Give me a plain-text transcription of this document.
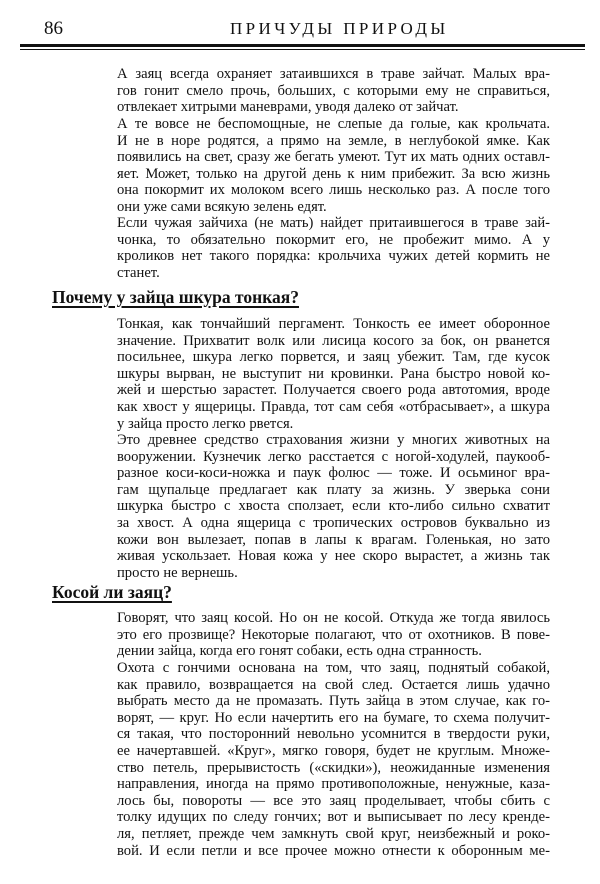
86	ПРИЧУДЫ ПРИРОДЫ
А заяц всегда охраняет затаившихся в траве зайчат. Малых вра-
гов гонит смело прочь, больших, с которыми ему не справиться,
отвлекает хитрыми маневрами, уводя далеко от зайчат.
А те вовсе не беспомощные, не слепые да голые, как крольчата.
И не в норе родятся, а прямо на земле, в неглубокой ямке. Как
появились на свет, сразу же бегать умеют. Тут их мать одних оставл-
яет. Может, только на другой день к ним прибежит. За всю жизнь
она покормит их молоком всего лишь несколько раз. А после того
они уже сами всякую зелень едят.
Если чужая зайчиха (не мать) найдет притаившегося в траве зай-
чонка, то обязательно покормит его, не пробежит мимо. А у
кроликов нет такого порядка: крольчиха чужих детей кормить не
станет.
Почему у зайца шкура тонкая?
Тонкая, как тончайший пергамент. Тонкость ее имеет оборонное
значение. Прихватит волк или лисица косого за бок, он рванется
посильнее, шкура легко порвется, и заяц убежит. Там, где кусок
шкуры вырван, не выступит ни кровинки. Рана быстро новой ко-
жей и шерстью зарастет. Получается своего рода автотомия, вроде
как хвост у ящерицы. Правда, тот сам себя «отбрасывает», а шкура
у зайца просто легко рвется.
Это древнее средство страхования жизни у многих животных на
вооружении. Кузнечик легко расстается с ногой-ходулей, паукооб-
разное коси-коси-ножка и паук фолюс — тоже. И осьминог вра-
гам щупальце предлагает как плату за жизнь. У зверька сони
шкурка быстро с хвоста сползает, если кто-либо сильно схватит
за хвост. А одна ящерица с тропических островов буквально из
кожи вон вылезает, попав в лапы к врагам. Голенькая, но зато
живая ускользает. Новая кожа у нее скоро вырастет, а жизнь так
просто не вернешь.
Косой ли заяц?
Говорят, что заяц косой. Но он не косой. Откуда же тогда явилось
это его прозвище? Некоторые полагают, что от охотников. В пове-
дении зайца, когда его гонят собаки, есть одна странность.
Охота с гончими основана на том, что заяц, поднятый собакой,
как правило, возвращается на свой след. Остается лишь удачно
выбрать место да не промазать. Путь зайца в этом случае, как го-
ворят, — круг. Но если начертить его на бумаге, то схема получит-
ся такая, что посторонний невольно усомнится в твердости руки,
ее начертавшей. «Круг», мягко говоря, будет не круглым. Множе-
ство петель, прерывистость («скидки»), неожиданные изменения
направления, иногда на прямо противоположные, ненужные, каза-
лось бы, повороты — все это заяц проделывает, чтобы сбить с
толку идущих по следу гончих; вот и выписывает по лесу кренде-
ля, петляет, прежде чем замкнуть свой круг, неизбежный и роко-
вой. И если петли и все прочее можно отнести к оборонным ме-
